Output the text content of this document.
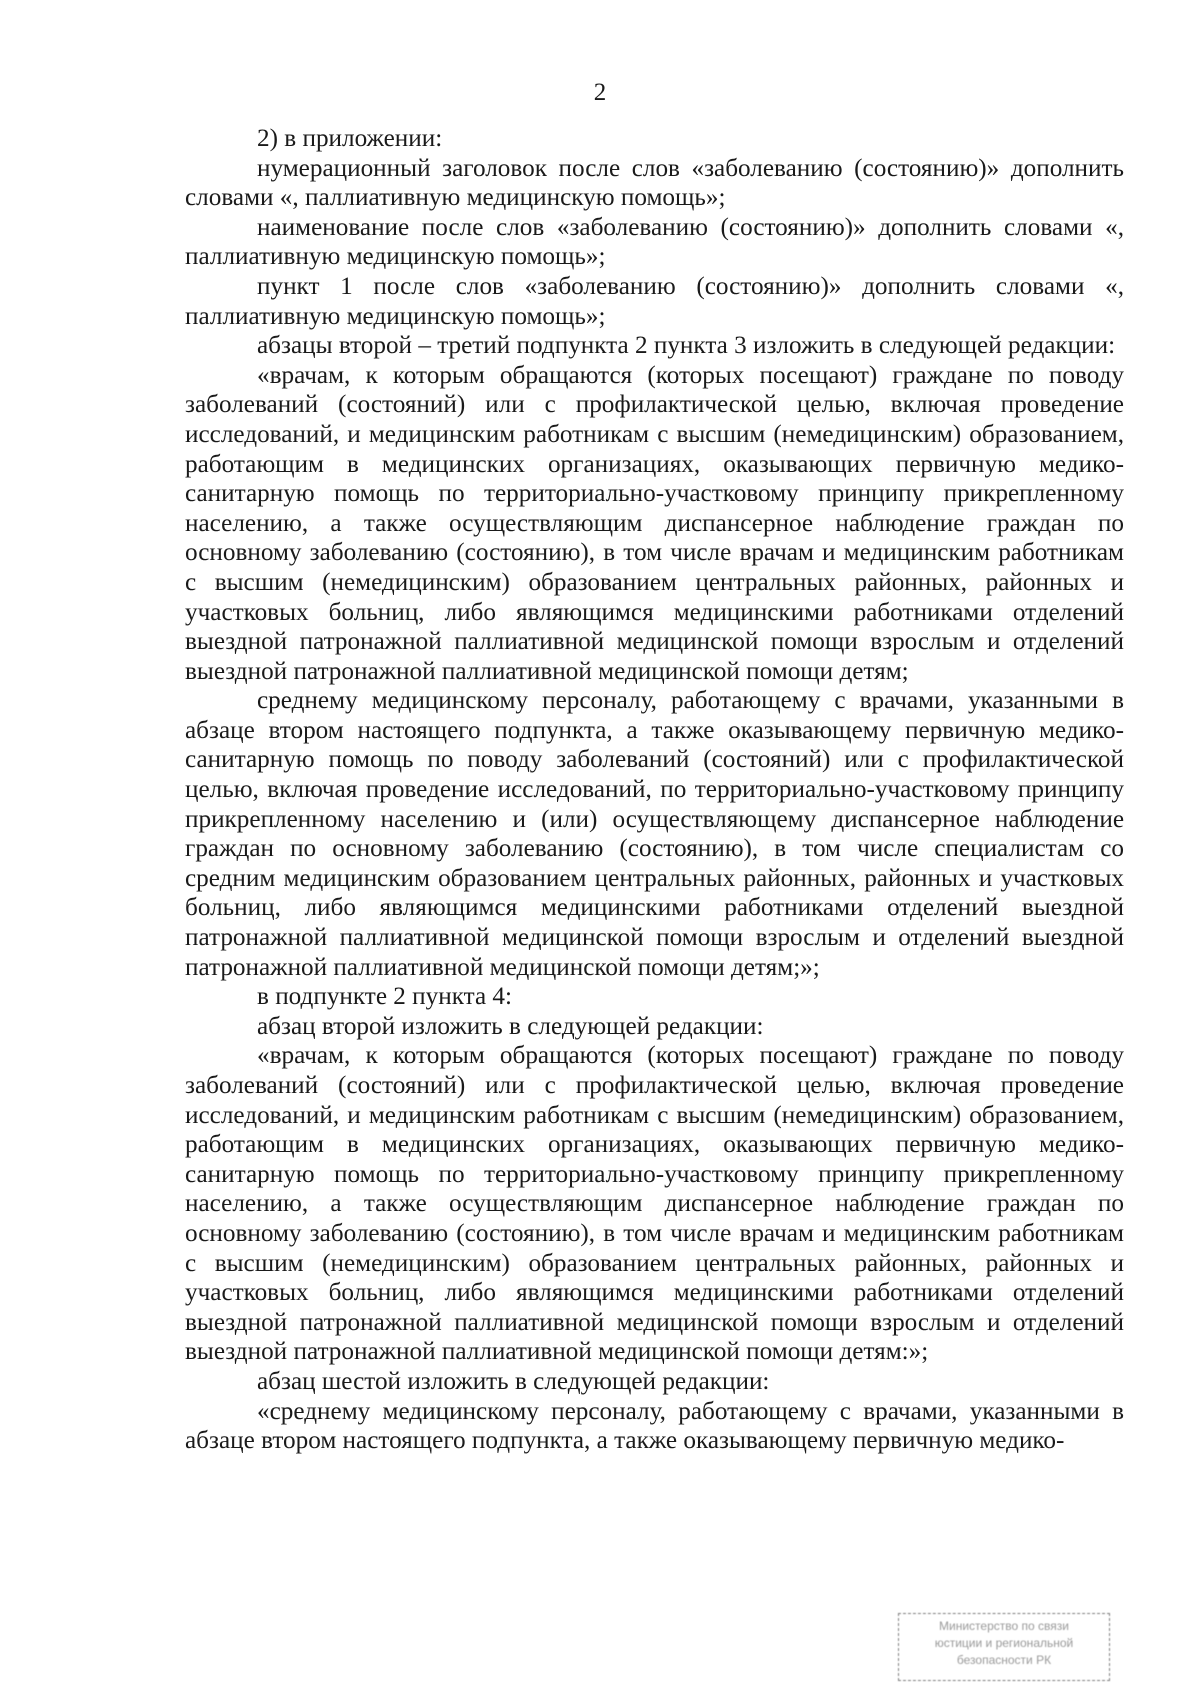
2

2) в приложении:

нумерационный заголовок после слов «заболеванию (состоянию)» дополнить словами «, паллиативную медицинскую помощь»;

наименование после слов «заболеванию (состоянию)» дополнить словами «, паллиативную медицинскую помощь»;

пункт 1 после слов «заболеванию (состоянию)» дополнить словами «, паллиативную медицинскую помощь»;

абзацы второй – третий подпункта 2 пункта 3 изложить в следующей редакции:

«врачам, к которым обращаются (которых посещают) граждане по поводу заболеваний (состояний) или с профилактической целью, включая проведение исследований, и медицинским работникам с высшим (немедицинским) образованием, работающим в медицинских организациях, оказывающих первичную медико-санитарную помощь по территориально-участковому принципу прикрепленному населению, а также осуществляющим диспансерное наблюдение граждан по основному заболеванию (состоянию), в том числе врачам и медицинским работникам с высшим (немедицинским) образованием центральных районных, районных и участковых больниц, либо являющимся медицинскими работниками отделений выездной патронажной паллиативной медицинской помощи взрослым и отделений выездной патронажной паллиативной медицинской помощи детям;

среднему медицинскому персоналу, работающему с врачами, указанными в абзаце втором настоящего подпункта, а также оказывающему первичную медико-санитарную помощь по поводу заболеваний (состояний) или с профилактической целью, включая проведение исследований, по территориально-участковому принципу прикрепленному населению и (или) осуществляющему диспансерное наблюдение граждан по основному заболеванию (состоянию), в том числе специалистам со средним медицинским образованием центральных районных, районных и участковых больниц, либо являющимся медицинскими работниками отделений выездной патронажной паллиативной медицинской помощи взрослым и отделений выездной патронажной паллиативной медицинской помощи детям;»;

в подпункте 2 пункта 4:

абзац второй изложить в следующей редакции:

«врачам, к которым обращаются (которых посещают) граждане по поводу заболеваний (состояний) или с профилактической целью, включая проведение исследований, и медицинским работникам с высшим (немедицинским) образованием, работающим в медицинских организациях, оказывающих первичную медико-санитарную помощь по территориально-участковому принципу прикрепленному населению, а также осуществляющим диспансерное наблюдение граждан по основному заболеванию (состоянию), в том числе врачам и медицинским работникам с высшим (немедицинским) образованием центральных районных, районных и участковых больниц, либо являющимся медицинскими работниками отделений выездной патронажной паллиативной медицинской помощи взрослым и отделений выездной патронажной паллиативной медицинской помощи детям:»;

абзац шестой изложить в следующей редакции:

«среднему медицинскому персоналу, работающему с врачами, указанными в абзаце втором настоящего подпункта, а также оказывающему первичную медико-

Министерство по связи
юстиции и региональной
безопасности РК
